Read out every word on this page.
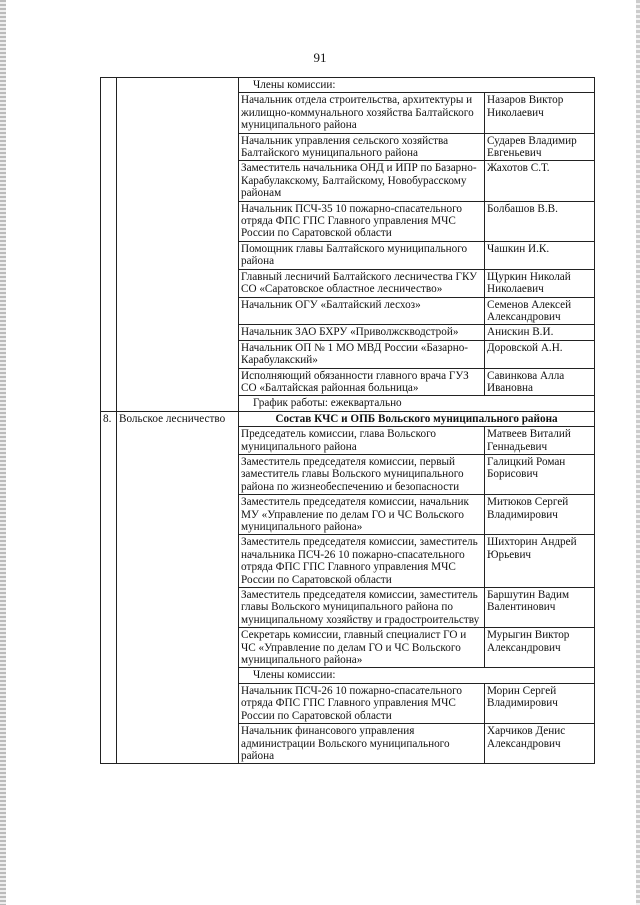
91
		Члены комиссии:	
		Начальник отдела строительства, архитектуры и жилищно-коммунального хозяйства Балтайского муниципального района	Назаров Виктор Николаевич
		Начальник управления сельского хозяйства Балтайского муниципального района	Сударев Владимир Евгеньевич
		Заместитель начальника ОНД и ИПР по Базарно-Карабулакскому, Балтайскому, Новобурасскому районам	Жахотов С.Т.
		Начальник ПСЧ-35 10 пожарно-спасательного отряда ФПС ГПС Главного управления МЧС России по Саратовской области	Болбашов В.В.
		Помощник главы Балтайского муниципального района	Чашкин И.К.
		Главный лесничий Балтайского лесничества ГКУ СО «Саратовское областное лесничество»	Щуркин Николай Николаевич
		Начальник ОГУ «Балтайский лесхоз»	Семенов Алексей Александрович
		Начальник ЗАО БХРУ «Приволжскводстрой»	Анискин В.И.
		Начальник ОП № 1 МО МВД России «Базарно-Карабулакский»	Доровской А.Н.
		Исполняющий обязанности главного врача ГУЗ СО «Балтайская районная больница»	Савинкова Алла Ивановна
		График работы: ежеквартально	
8.	Вольское лесничество	Состав КЧС и ОПБ Вольского муниципального района	
		Председатель комиссии, глава Вольского муниципального района	Матвеев Виталий Геннадьевич
		Заместитель председателя комиссии, первый заместитель главы Вольского муниципального района по жизнеобеспечению и безопасности	Галицкий Роман Борисович
		Заместитель председателя комиссии, начальник МУ «Управление по делам ГО и ЧС Вольского муниципального района»	Митюков Сергей Владимирович
		Заместитель председателя комиссии, заместитель начальника ПСЧ-26 10 пожарно-спасательного отряда ФПС ГПС Главного управления МЧС России по Саратовской области	Шихторин Андрей Юрьевич
		Заместитель председателя комиссии, заместитель главы Вольского муниципального района по муниципальному хозяйству и градостроительству	Баршутин Вадим Валентинович
		Секретарь комиссии, главный специалист ГО и ЧС «Управление по делам ГО и ЧС Вольского муниципального района»	Мурыгин Виктор Александрович
		Члены комиссии:	
		Начальник ПСЧ-26 10 пожарно-спасательного отряда ФПС ГПС Главного управления МЧС России по Саратовской области	Морин Сергей Владимирович
		Начальник финансового управления администрации Вольского муниципального района	Харчиков Денис Александрович
